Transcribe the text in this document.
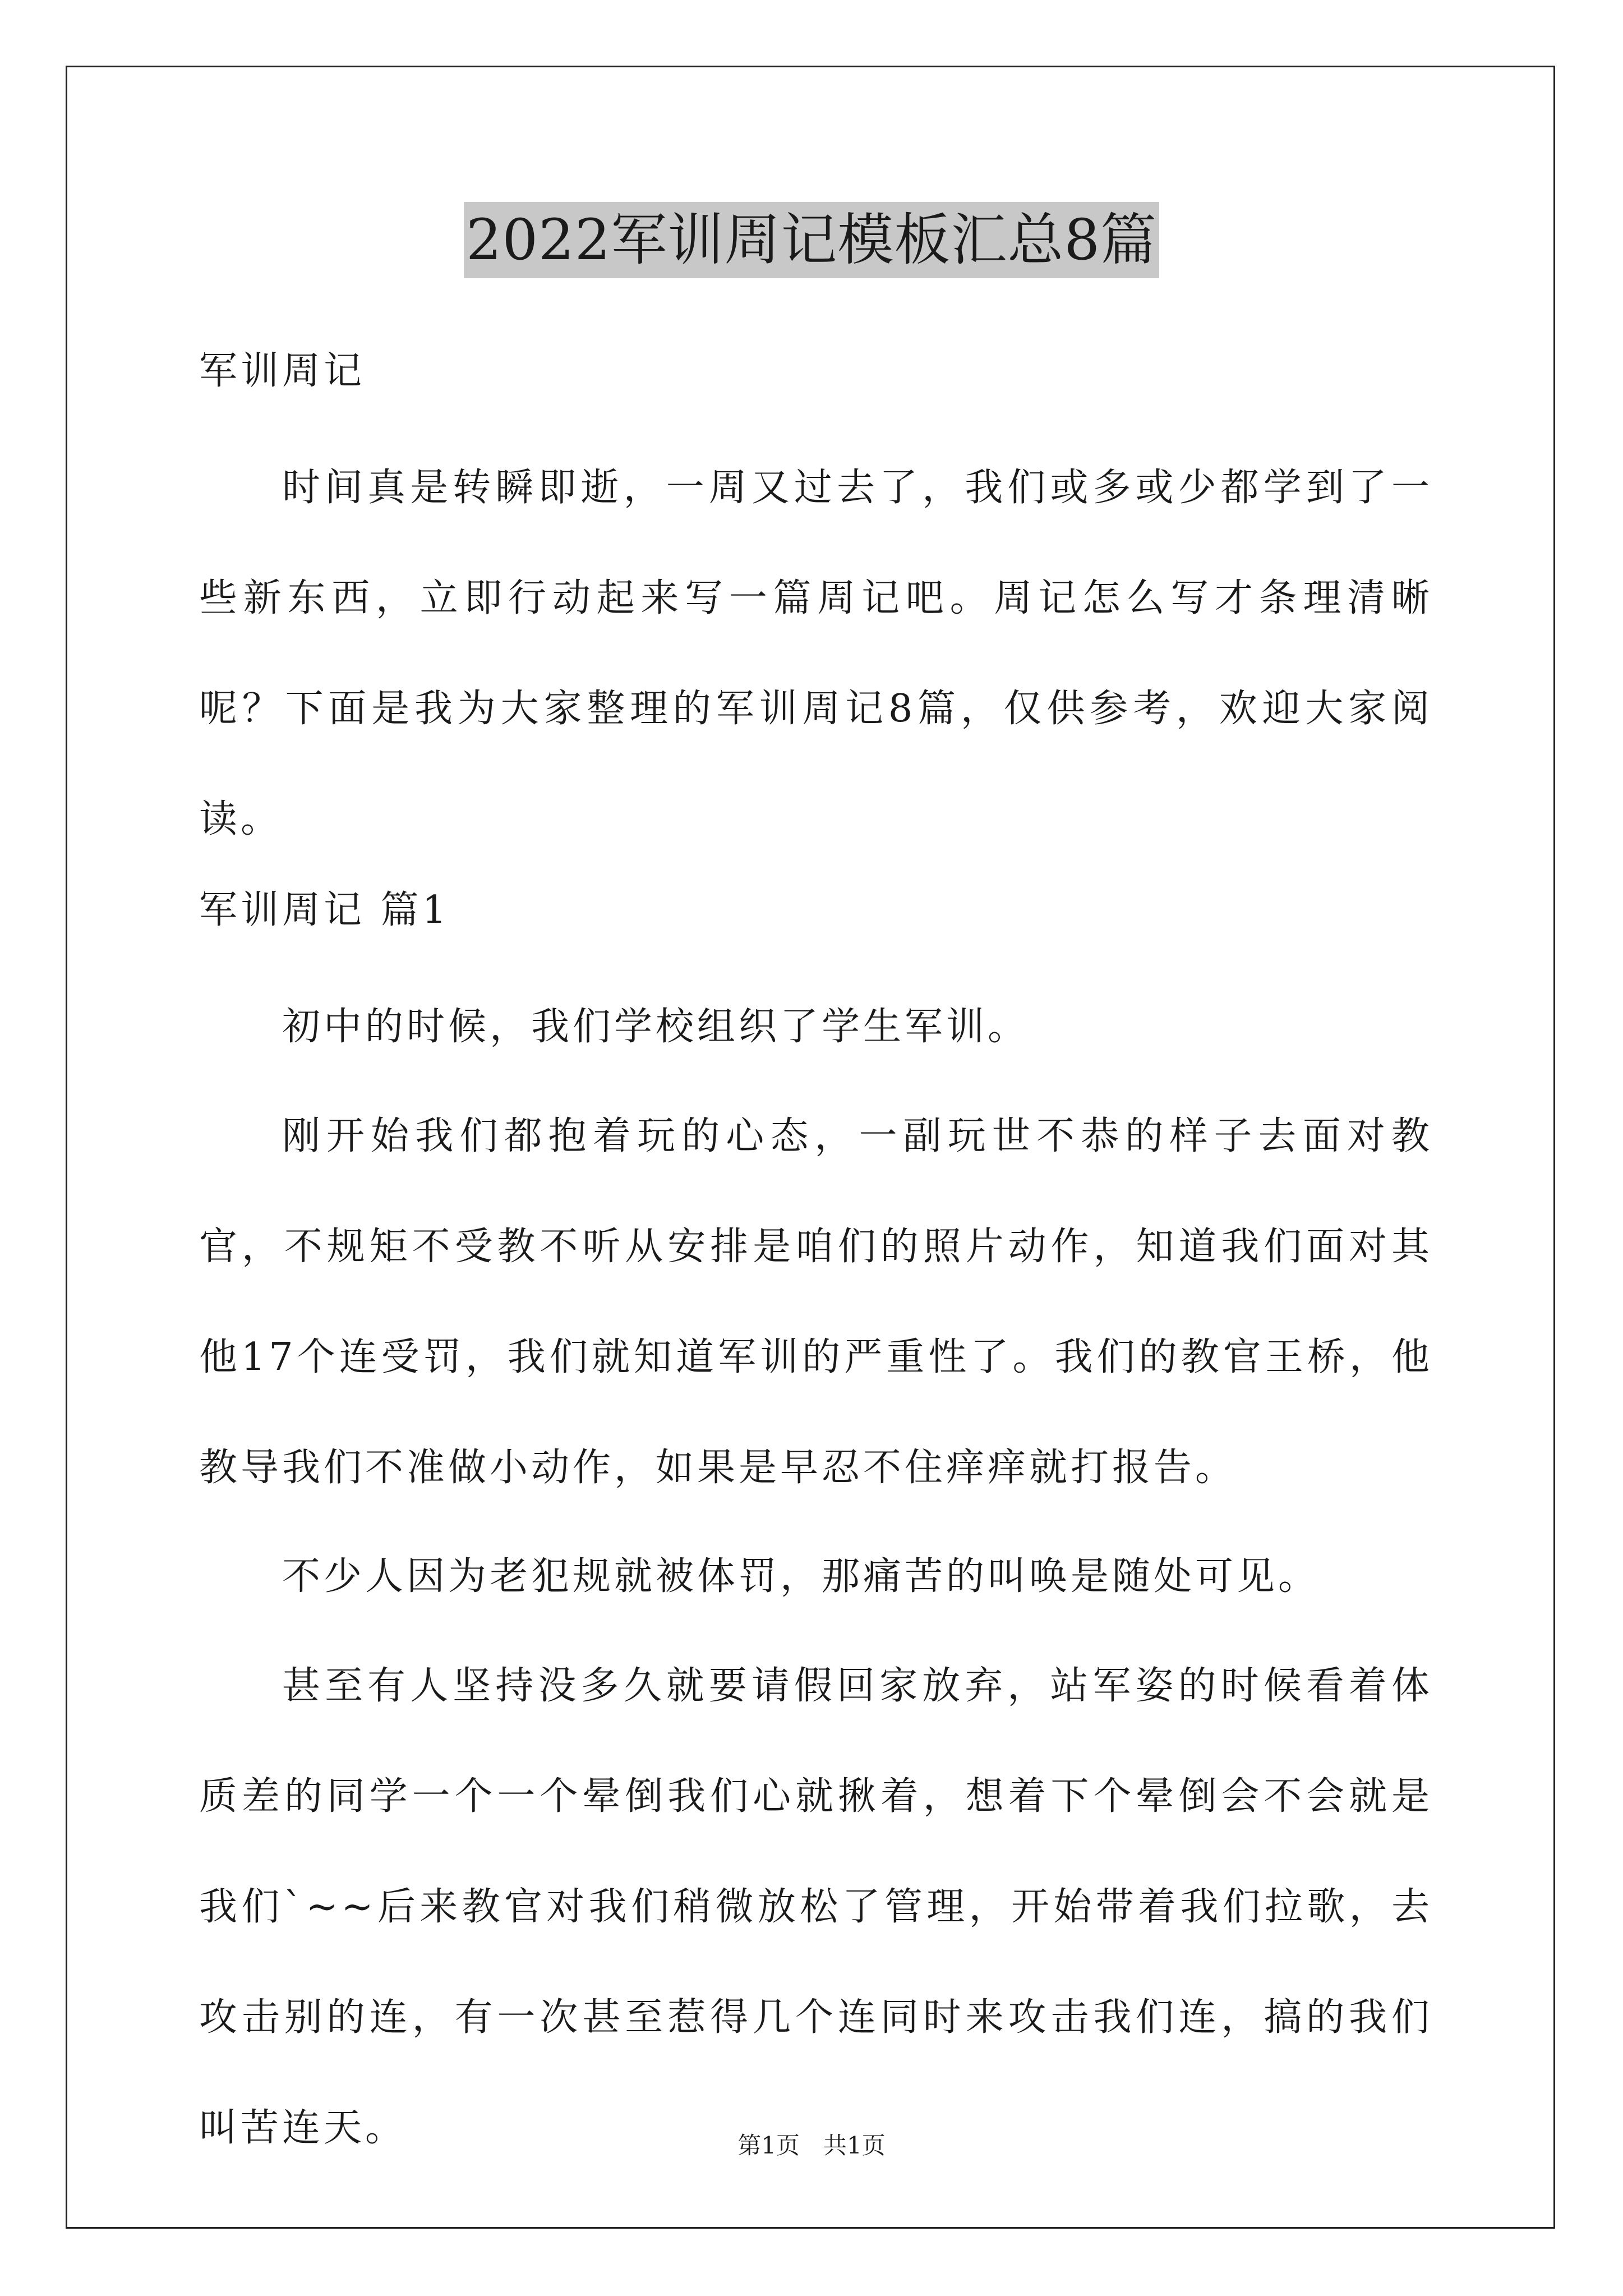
2022军训周记模板汇总8篇

军训周记

时间真是转瞬即逝，一周又过去了，我们或多或少都学到了一些新东西，立即行动起来写一篇周记吧。周记怎么写才条理清晰呢？下面是我为大家整理的军训周记8篇，仅供参考，欢迎大家阅读。

军训周记 篇1

初中的时候，我们学校组织了学生军训。

刚开始我们都抱着玩的心态，一副玩世不恭的样子去面对教官，不规矩不受教不听从安排是咱们的照片动作，知道我们面对其他17个连受罚，我们就知道军训的严重性了。我们的教官王桥，他教导我们不准做小动作，如果是早忍不住痒痒就打报告。

不少人因为老犯规就被体罚，那痛苦的叫唤是随处可见。

甚至有人坚持没多久就要请假回家放弃，站军姿的时候看着体质差的同学一个一个晕倒我们心就揪着，想着下个晕倒会不会就是我们`~~后来教官对我们稍微放松了管理，开始带着我们拉歌，去攻击别的连，有一次甚至惹得几个连同时来攻击我们连，搞的我们叫苦连天。	第1页　共1页
